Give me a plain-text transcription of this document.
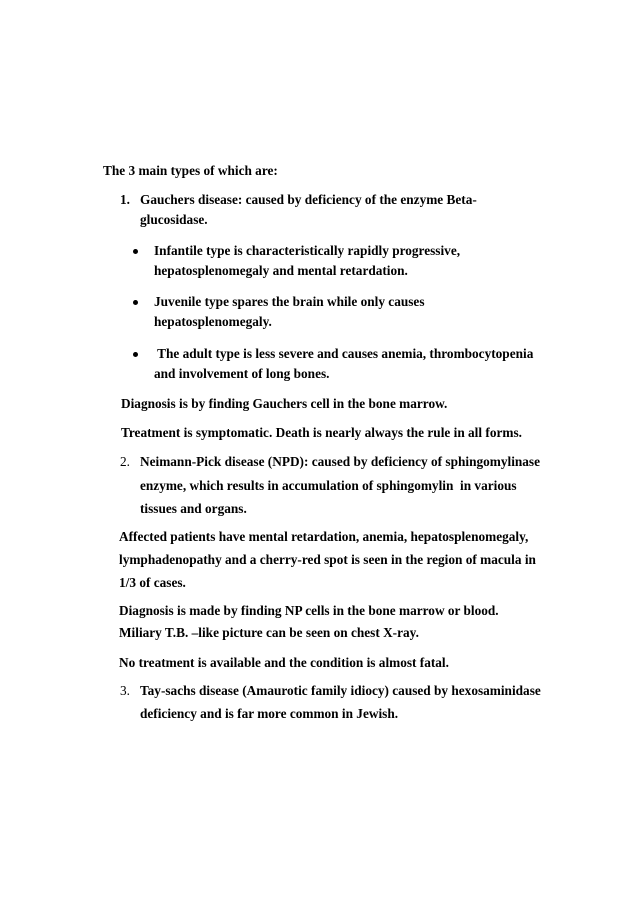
The 3 main types of which are:
1. Gauchers disease: caused by deficiency of the enzyme Beta-
glucosidase.
Infantile type is characteristically rapidly progressive,
hepatosplenomegaly and mental retardation.
Juvenile type spares the brain while only causes
hepatosplenomegaly.
The adult type is less severe and causes anemia, thrombocytopenia
and involvement of long bones.
Diagnosis is by finding Gauchers cell in the bone marrow.
Treatment is symptomatic. Death is nearly always the rule in all forms.
2. Neimann-Pick disease (NPD): caused by deficiency of sphingomylinase
enzyme, which results in accumulation of sphingomylin  in various
tissues and organs.
Affected patients have mental retardation, anemia, hepatosplenomegaly,
lymphadenopathy and a cherry-red spot is seen in the region of macula in
1/3 of cases.
Diagnosis is made by finding NP cells in the bone marrow or blood.
Miliary T.B. –like picture can be seen on chest X-ray.
No treatment is available and the condition is almost fatal.
3. Tay-sachs disease (Amaurotic family idiocy) caused by hexosaminidase
deficiency and is far more common in Jewish.
